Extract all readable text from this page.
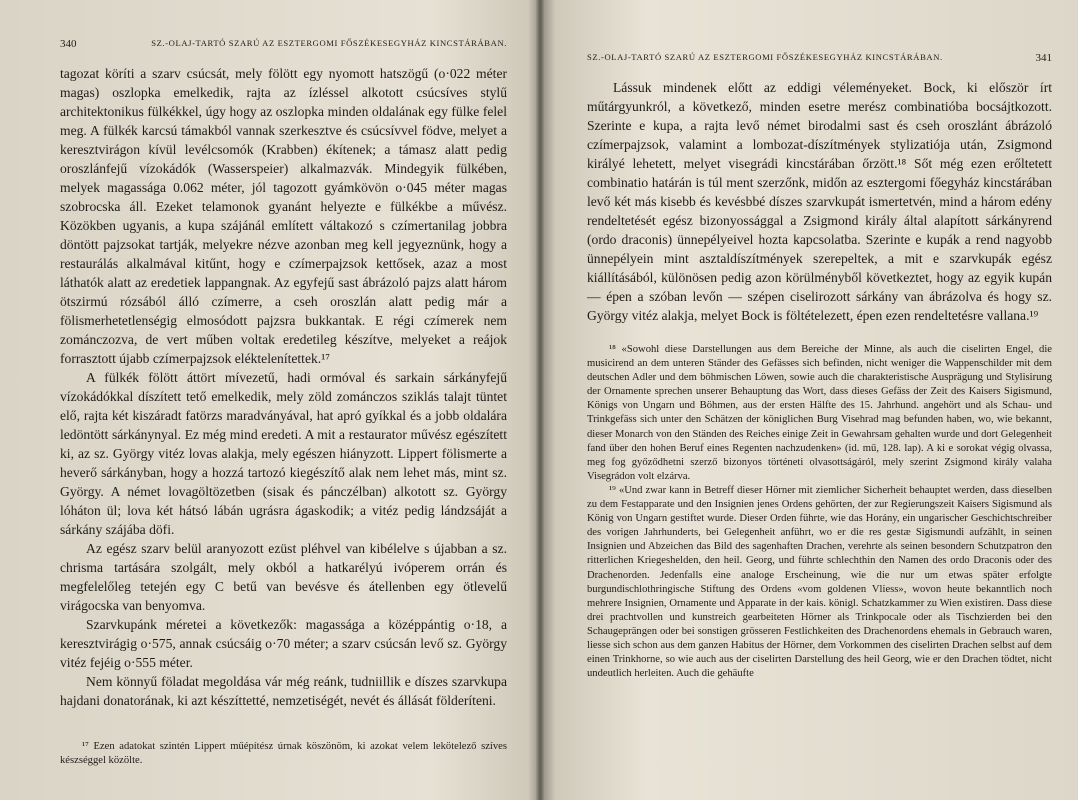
340	SZ.-OLAJ-TARTÓ SZARÚ AZ ESZTERGOMI FŐSZÉKESEGYHÁZ KINCSTÁRÁBAN.

tagozat köríti a szarv csúcsát, mely fölött egy nyomott hatszögű (o·022 méter magas) oszlopka emelkedik, rajta az ízléssel alkotott csúcsíves stylű architektonikus fülkékkel, úgy hogy az oszlopka minden oldalának egy fülke felel meg. A fülkék karcsú támakból vannak szerkesztve és csúcsívvel födve, melyet a keresztvirágon kívül levélcsomók (Krabben) ékítenek; a támasz alatt pedig oroszlánfejű vízokádók (Wasserspeier) alkalmazvák. Mindegyik fülkében, melyek magassága 0.062 méter, jól tagozott gyámkövön o·045 méter magas szobrocska áll. Ezeket telamonok gyanánt helyezte e fülkékbe a művész. Közökben ugyanis, a kupa szájánál említett váltakozó s czímertanilag jobbra döntött pajzsokat tartják, melyekre nézve azonban meg kell jegyeznünk, hogy a restaurálás alkalmával kitűnt, hogy e czímerpajzsok kettősek, azaz a most láthatók alatt az eredetiek lappangnak. Az egyfejű sast ábrázoló pajzs alatt három ötszirmú rózsából álló czímerre, a cseh oroszlán alatt pedig már a fölismerhetetlenségig elmosódott pajzsra bukkantak. E régi czímerek nem zománczozva, de vert műben voltak eredetileg készítve, melyeket a reájok forrasztott újabb czímerpajzsok eléktelenítettek.¹⁷

A fülkék fölött áttört mívezetű, hadi ormóval és sarkain sárkányfejű vízokádókkal díszített tető emelkedik, mely zöld zománczos sziklás talajt tüntet elő, rajta két kiszáradt fatörzs maradványával, hat apró gyíkkal és a jobb oldalára ledöntött sárkánynyal. Ez még mind eredeti. A mit a restaurator művész egészített ki, az sz. György vitéz lovas alakja, mely egészen hiányzott. Lippert fölismerte a heverő sárkányban, hogy a hozzá tartozó kiegészítő alak nem lehet más, mint sz. György. A német lovagöltözetben (sisak és pánczélban) alkotott sz. György lóháton ül; lova két hátsó lábán ugrásra ágaskodik; a vitéz pedig lándzsáját a sárkány szájába döfi.

Az egész szarv belül aranyozott ezüst pléhvel van kibélelve s újabban a sz. chrisma tartására szolgált, mely okból a hatkarélyú ivóperem orrán és megfelelőleg tetején egy C betű van bevésve és átellenben egy ötlevelű virágocska van benyomva.

Szarvkupánk méretei a következők: magassága a középpántig o·18, a keresztvirágig o·575, annak csúcsáig o·70 méter; a szarv csúcsán levő sz. György vitéz fejéig o·555 méter.

Nem könnyű föladat megoldása vár még reánk, tudniillik e díszes szarvkupa hajdani donatorának, ki azt készíttetté, nemzetiségét, nevét és állását földeríteni.

¹⁷ Ezen adatokat szintén Lippert műépítész úrnak köszönöm, ki azokat velem lekötelező szíves készséggel közölte.

SZ.-OLAJ-TARTÓ SZARÚ AZ ESZTERGOMI FŐSZÉKESEGYHÁZ KINCSTÁRÁBAN.	341

Lássuk mindenek előtt az eddigi véleményeket. Bock, ki először írt műtárgyunkról, a következő, minden esetre merész combinatióba bocsájtkozott. Szerinte e kupa, a rajta levő német birodalmi sast és cseh oroszlánt ábrázoló czímerpajzsok, valamint a lombozat-díszítmények stylizatiója után, Zsigmond királyé lehetett, melyet visegrádi kincstárában őrzött.¹⁸ Sőt még ezen erőltetett combinatio határán is túl ment szerzőnk, midőn az esztergomi főegyház kincstárában levő két más kisebb és kevésbbé díszes szarvkupát ismertetvén, mind a három edény rendeltetését egész bizonyossággal a Zsigmond király által alapított sárkányrend (ordo draconis) ünnepélyeivel hozta kapcsolatba. Szerinte e kupák a rend nagyobb ünnepélyein mint asztaldíszítmények szerepeltek, a mit e szarvkupák egész kiállításából, különösen pedig azon körülményből következtet, hogy az egyik kupán — épen a szóban levőn — szépen ciselirozott sárkány van ábrázolva és hogy sz. György vitéz alakja, melyet Bock is föltételezett, épen ezen rendeltetésre vallana.¹⁹

¹⁸ «Sowohl diese Darstellungen aus dem Bereiche der Minne, als auch die ciselirten Engel, die musicirend an dem unteren Ständer des Gefässes sich befinden, nicht weniger die Wappenschilder mit dem deutschen Adler und dem böhmischen Löwen, sowie auch die charakteristische Ausprägung und Stylisirung der Ornamente sprechen unserer Behauptung das Wort, dass dieses Gefäss der Zeit des Kaisers Sigismund, Königs von Ungarn und Böhmen, aus der ersten Hälfte des 15. Jahrhund. angehört und als Schau- und Trinkgefäss sich unter den Schätzen der königlichen Burg Visehrad mag befunden haben, wo, wie bekannt, dieser Monarch von den Ständen des Reiches einige Zeit in Gewahrsam gehalten wurde und dort Gelegenheit fand über den hohen Beruf eines Regenten nachzudenken» (id. mű, 128. lap). A ki e sorokat végig olvassa, meg fog győződhetni szerző bizonyos történeti olvasottságáról, mely szerint Zsigmond király valaha Visegrádon volt elzárva.

¹⁹ «Und zwar kann in Betreff dieser Hörner mit ziemlicher Sicherheit behauptet werden, dass dieselben zu dem Festapparate und den Insignien jenes Ordens gehörten, der zur Regierungszeit Kaisers Sigismund als König von Ungarn gestiftet wurde. Dieser Orden führte, wie das Horány, ein ungarischer Geschichtschreiber des vorigen Jahrhunderts, bei Gelegenheit anführt, wo er die res gestæ Sigismundi aufzählt, in seinen Insignien und Abzeichen das Bild des sagenhaften Drachen, verehrte als seinen besondern Schutzpatron den ritterlichen Kriegeshelden, den heil. Georg, und führte schlechthin den Namen des ordo Draconis oder des Drachenorden. Jedenfalls eine analoge Erscheinung, wie die nur um etwas später erfolgte burgundischlothringische Stiftung des Ordens «vom goldenen Vliess», wovon heute bekanntlich noch mehrere Insignien, Ornamente und Apparate in der kais. königl. Schatzkammer zu Wien existiren. Dass diese drei prachtvollen und kunstreich gearbeiteten Hörner als Trinkpocale oder als Tischzierden bei den Schaugeprängen oder bei sonstigen grösseren Festlichkeiten des Drachenordens ehemals in Gebrauch waren, liesse sich schon aus dem ganzen Habitus der Hörner, dem Vorkommen des ciselirten Drachen selbst auf dem einen Trinkhorne, so wie auch aus der ciselirten Darstellung des heil Georg, wie er den Drachen tödtet, nicht undeutlich herleiten. Auch die gehäufte
